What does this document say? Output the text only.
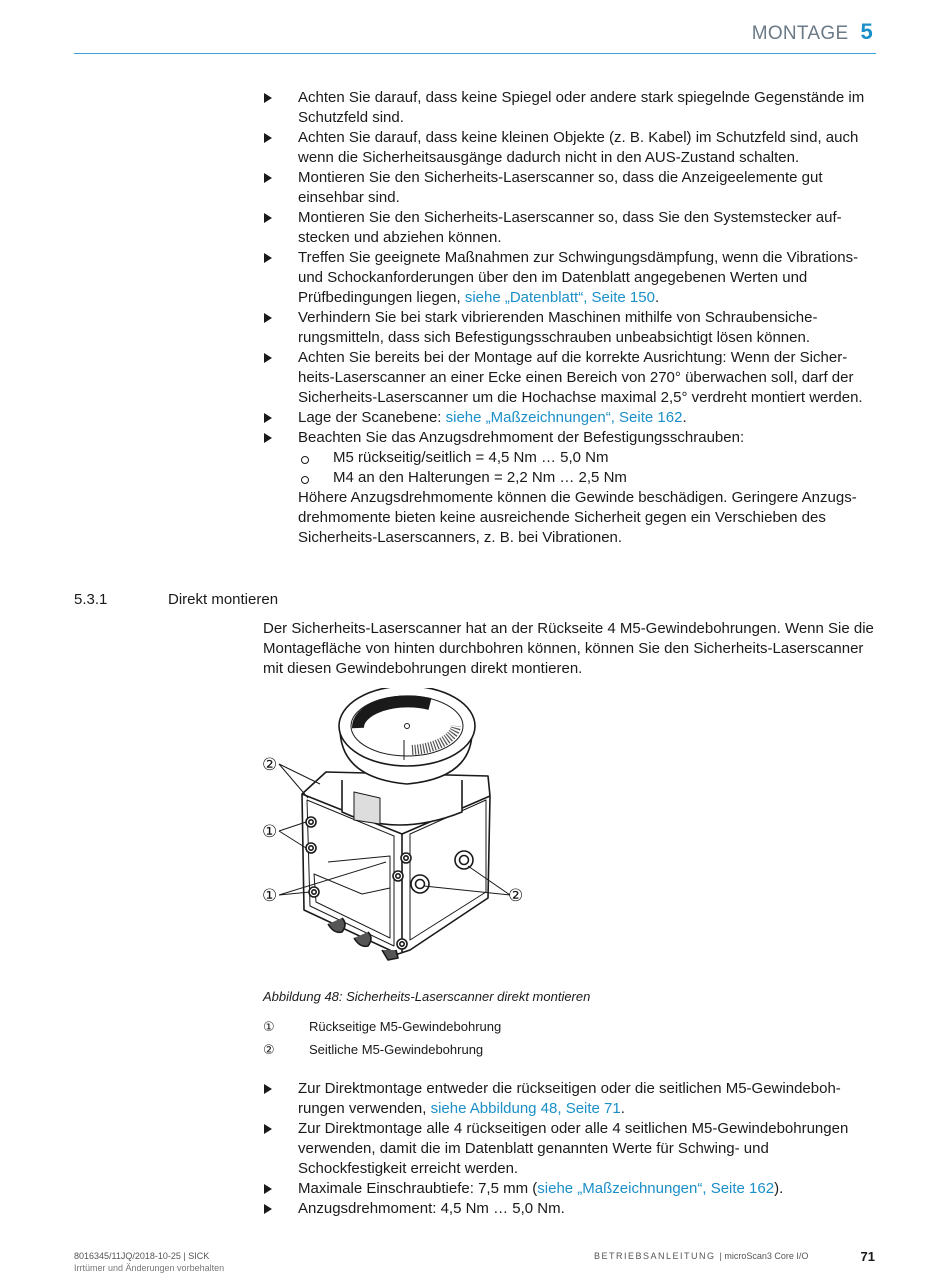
MONTAGE 5
Achten Sie darauf, dass keine Spiegel oder andere stark spiegelnde Gegenstände im Schutzfeld sind.
Achten Sie darauf, dass keine kleinen Objekte (z. B. Kabel) im Schutzfeld sind, auch wenn die Sicherheitsausgänge dadurch nicht in den AUS-Zustand schalten.
Montieren Sie den Sicherheits-Laserscanner so, dass die Anzeigeelemente gut einsehbar sind.
Montieren Sie den Sicherheits-Laserscanner so, dass Sie den Systemstecker aufstecken und abziehen können.
Treffen Sie geeignete Maßnahmen zur Schwingungsdämpfung, wenn die Vibrations- und Schockanforderungen über den im Datenblatt angegebenen Werten und Prüfbedingungen liegen, siehe „Datenblatt“, Seite 150.
Verhindern Sie bei stark vibrierenden Maschinen mithilfe von Schraubensicherungsmitteln, dass sich Befestigungsschrauben unbeabsichtigt lösen können.
Achten Sie bereits bei der Montage auf die korrekte Ausrichtung: Wenn der Sicherheits-Laserscanner an einer Ecke einen Bereich von 270° überwachen soll, darf der Sicherheits-Laserscanner um die Hochachse maximal 2,5° verdreht montiert werden.
Lage der Scanebene: siehe „Maßzeichnungen“, Seite 162.
Beachten Sie das Anzugsdrehmoment der Befestigungsschrauben:
M5 rückseitig/seitlich = 4,5 Nm … 5,0 Nm
M4 an den Halterungen = 2,2 Nm … 2,5 Nm
Höhere Anzugsdrehmomente können die Gewinde beschädigen. Geringere Anzugsdrehmomente bieten keine ausreichende Sicherheit gegen ein Verschieben des Sicherheits-Laserscanners, z. B. bei Vibrationen.
5.3.1	Direkt montieren
Der Sicherheits-Laserscanner hat an der Rückseite 4 M5-Gewindebohrungen. Wenn Sie die Montagefläche von hinten durchbohren können, können Sie den Sicherheits-Laserscanner mit diesen Gewindebohrungen direkt montieren.
②
①
①	②
Abbildung 48: Sicherheits-Laserscanner direkt montieren
①	Rückseitige M5-Gewindebohrung
②	Seitliche M5-Gewindebohrung
Zur Direktmontage entweder die rückseitigen oder die seitlichen M5-Gewindebohrungen verwenden, siehe Abbildung 48, Seite 71.
Zur Direktmontage alle 4 rückseitigen oder alle 4 seitlichen M5-Gewindebohrungen verwenden, damit die im Datenblatt genannten Werte für Schwing- und Schockfestigkeit erreicht werden.
Maximale Einschraubtiefe: 7,5 mm (siehe „Maßzeichnungen“, Seite 162).
Anzugsdrehmoment: 4,5 Nm … 5,0 Nm.
8016345/11JQ/2018-10-25 | SICK
Irrtümer und Änderungen vorbehalten
BETRIEBSANLEITUNG | microScan3 Core I/O	71
